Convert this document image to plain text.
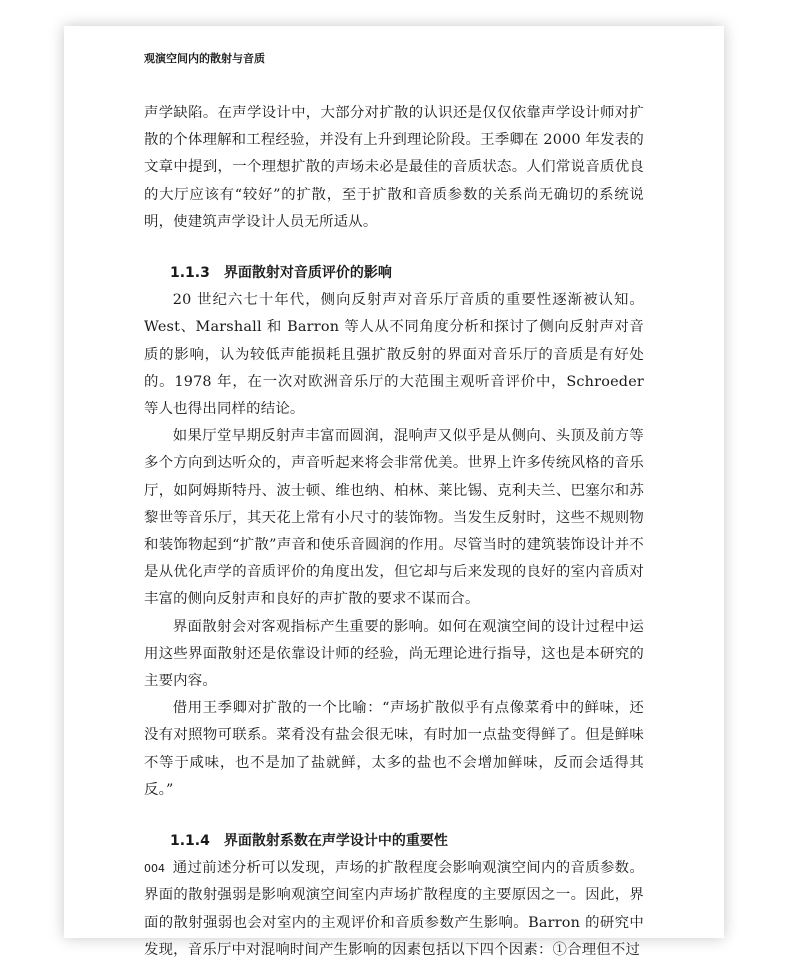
观演空间内的散射与音质

声学缺陷。在声学设计中，大部分对扩散的认识还是仅仅依靠声学设计师对扩散的个体理解和工程经验，并没有上升到理论阶段。王季卿在 2000 年发表的文章中提到，一个理想扩散的声场未必是最佳的音质状态。人们常说音质优良的大厅应该有“较好”的扩散，至于扩散和音质参数的关系尚无确切的系统说明，使建筑声学设计人员无所适从。

1.1.3　界面散射对音质评价的影响

20 世纪六七十年代，侧向反射声对音乐厅音质的重要性逐渐被认知。West、Marshall 和 Barron 等人从不同角度分析和探讨了侧向反射声对音质的影响，认为较低声能损耗且强扩散反射的界面对音乐厅的音质是有好处的。1978 年，在一次对欧洲音乐厅的大范围主观听音评价中，Schroeder 等人也得出同样的结论。

如果厅堂早期反射声丰富而圆润，混响声又似乎是从侧向、头顶及前方等多个方向到达听众的，声音听起来将会非常优美。世界上许多传统风格的音乐厅，如阿姆斯特丹、波士顿、维也纳、柏林、莱比锡、克利夫兰、巴塞尔和苏黎世等音乐厅，其天花上常有小尺寸的装饰物。当发生反射时，这些不规则物和装饰物起到“扩散”声音和使乐音圆润的作用。尽管当时的建筑装饰设计并不是从优化声学的音质评价的角度出发，但它却与后来发现的良好的室内音质对丰富的侧向反射声和良好的声扩散的要求不谋而合。

界面散射会对客观指标产生重要的影响。如何在观演空间的设计过程中运用这些界面散射还是依靠设计师的经验，尚无理论进行指导，这也是本研究的主要内容。

借用王季卿对扩散的一个比喻：“声场扩散似乎有点像菜肴中的鲜味，还没有对照物可联系。菜肴没有盐会很无味，有时加一点盐变得鲜了。但是鲜味不等于咸味，也不是加了盐就鲜，太多的盐也不会增加鲜味，反而会适得其反。”

1.1.4　界面散射系数在声学设计中的重要性

通过前述分析可以发现，声场的扩散程度会影响观演空间内的音质参数。界面的散射强弱是影响观演空间室内声场扩散程度的主要原因之一。因此，界面的散射强弱也会对室内的主观评价和音质参数产生影响。Barron 的研究中发现，音乐厅中对混响时间产生影响的因素包括以下四个因素：①合理但不过

004
